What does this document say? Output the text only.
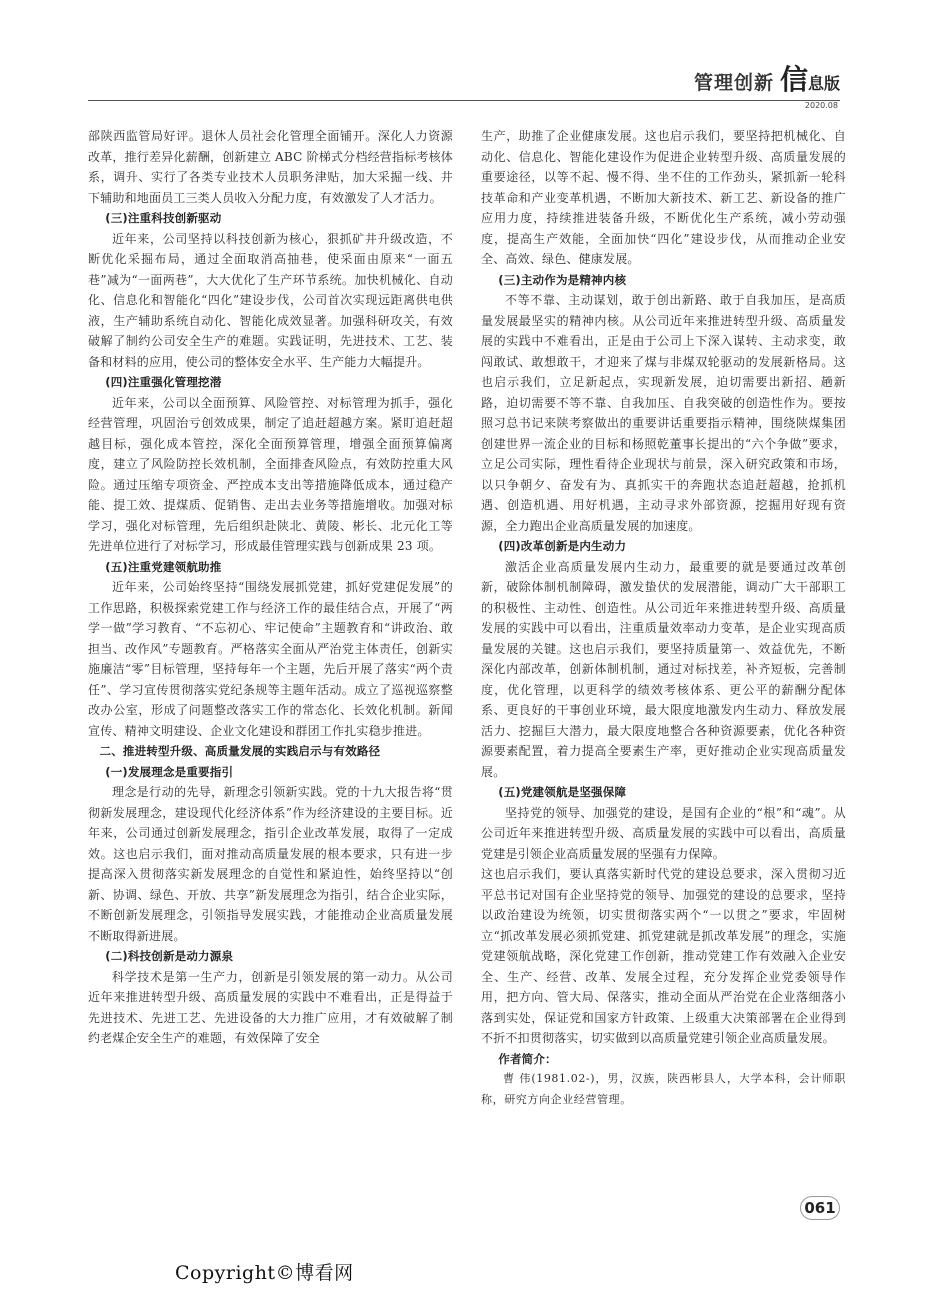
管理创新 信 息版
2020.08

部陕西监管局好评。退休人员社会化管理全面铺开。深化人力资源改革，推行差异化薪酬，创新建立 ABC 阶梯式分档经营指标考核体系，调升、实行了各类专业技术人员职务津贴，加大采掘一线、井下辅助和地面员工三类人员收入分配力度，有效激发了人才活力。

(三)注重科技创新驱动

近年来，公司坚持以科技创新为核心，狠抓矿井升级改造，不断优化采掘布局，通过全面取消高抽巷，使采面由原来“一面五巷”减为“一面两巷”，大大优化了生产环节系统。加快机械化、自动化、信息化和智能化“四化”建设步伐，公司首次实现远距离供电供液，生产辅助系统自动化、智能化成效显著。加强科研攻关，有效破解了制约公司安全生产的难题。实践证明，先进技术、工艺、装备和材料的应用，使公司的整体安全水平、生产能力大幅提升。

(四)注重强化管理挖潜

近年来，公司以全面预算、风险管控、对标管理为抓手，强化经营管理，巩固治亏创效成果，制定了追赶超越方案。紧盯追赶超越目标，强化成本管控，深化全面预算管理，增强全面预算偏离度，建立了风险防控长效机制，全面排查风险点，有效防控重大风险。通过压缩专项资金、严控成本支出等措施降低成本，通过稳产能、提工效、提煤质、促销售、走出去业务等措施增收。加强对标学习，强化对标管理，先后组织赴陕北、黄陵、彬长、北元化工等先进单位进行了对标学习，形成最佳管理实践与创新成果 23 项。

(五)注重党建领航助推

近年来，公司始终坚持“围绕发展抓党建，抓好党建促发展”的工作思路，积极探索党建工作与经济工作的最佳结合点，开展了“两学一做”学习教育、“不忘初心、牢记使命”主题教育和“讲政治、敢担当、改作风”专题教育。严格落实全面从严治党主体责任，创新实施廉洁“零”目标管理，坚持每年一个主题，先后开展了落实“两个责任”、学习宣传贯彻落实党纪条规等主题年活动。成立了巡视巡察整改办公室，形成了问题整改落实工作的常态化、长效化机制。新闻宣传、精神文明建设、企业文化建设和群团工作扎实稳步推进。

二、推进转型升级、高质量发展的实践启示与有效路径

(一)发展理念是重要指引

理念是行动的先导，新理念引领新实践。党的十九大报告将“贯彻新发展理念，建设现代化经济体系”作为经济建设的主要目标。近年来，公司通过创新发展理念，指引企业改革发展，取得了一定成效。这也启示我们，面对推动高质量发展的根本要求，只有进一步提高深入贯彻落实新发展理念的自觉性和紧迫性，始终坚持以“创新、协调、绿色、开放、共享”新发展理念为指引，结合企业实际，不断创新发展理念，引领指导发展实践，才能推动企业高质量发展不断取得新进展。

(二)科技创新是动力源泉

科学技术是第一生产力，创新是引领发展的第一动力。从公司近年来推进转型升级、高质量发展的实践中不难看出，正是得益于先进技术、先进工艺、先进设备的大力推广应用，才有效破解了制约老煤企安全生产的难题，有效保障了安全

生产，助推了企业健康发展。这也启示我们，要坚持把机械化、自动化、信息化、智能化建设作为促进企业转型升级、高质量发展的重要途径，以等不起、慢不得、坐不住的工作劲头，紧抓新一轮科技革命和产业变革机遇，不断加大新技术、新工艺、新设备的推广应用力度，持续推进装备升级，不断优化生产系统，减小劳动强度，提高生产效能，全面加快“四化”建设步伐，从而推动企业安全、高效、绿色、健康发展。

(三)主动作为是精神内核

不等不靠、主动谋划，敢于创出新路、敢于自我加压，是高质量发展最坚实的精神内核。从公司近年来推进转型升级、高质量发展的实践中不难看出，正是由于公司上下深入谋转、主动求变，敢闯敢试、敢想敢干，才迎来了煤与非煤双轮驱动的发展新格局。这也启示我们，立足新起点，实现新发展，迫切需要出新招、趟新路，迫切需要不等不靠、自我加压、自我突破的创造性作为。要按照习总书记来陕考察做出的重要讲话重要指示精神，围绕陕煤集团创建世界一流企业的目标和杨照乾董事长提出的“六个争做”要求，立足公司实际，理性看待企业现状与前景，深入研究政策和市场，以只争朝夕、奋发有为、真抓实干的奔跑状态追赶超越，抢抓机遇、创造机遇、用好机遇，主动寻求外部资源，挖掘用好现有资源，全力跑出企业高质量发展的加速度。

(四)改革创新是内生动力

激活企业高质量发展内生动力，最重要的就是要通过改革创新，破除体制机制障碍，激发蛰伏的发展潜能，调动广大干部职工的积极性、主动性、创造性。从公司近年来推进转型升级、高质量发展的实践中可以看出，注重质量效率动力变革，是企业实现高质量发展的关键。这也启示我们，要坚持质量第一、效益优先，不断深化内部改革，创新体制机制，通过对标找差，补齐短板，完善制度，优化管理，以更科学的绩效考核体系、更公平的薪酬分配体系、更良好的干事创业环境，最大限度地激发内生动力、释放发展活力、挖掘巨大潜力，最大限度地整合各种资源要素，优化各种资源要素配置，着力提高全要素生产率，更好推动企业实现高质量发展。

(五)党建领航是坚强保障

坚持党的领导、加强党的建设，是国有企业的“根”和“魂”。从公司近年来推进转型升级、高质量发展的实践中可以看出，高质量党建是引领企业高质量发展的坚强有力保障。

这也启示我们，要认真落实新时代党的建设总要求，深入贯彻习近平总书记对国有企业坚持党的领导、加强党的建设的总要求，坚持以政治建设为统领，切实贯彻落实两个“一以贯之”要求，牢固树立“抓改革发展必须抓党建、抓党建就是抓改革发展”的理念，实施党建领航战略，深化党建工作创新，推动党建工作有效融入企业安全、生产、经营、改革、发展全过程，充分发挥企业党委领导作用，把方向、管大局、保落实，推动全面从严治党在企业落细落小落到实处，保证党和国家方针政策、上级重大决策部署在企业得到不折不扣贯彻落实，切实做到以高质量党建引领企业高质量发展。

作者简介：

曹 伟(1981.02-)，男，汉族，陕西彬县人，大学本科，会计师职称，研究方向企业经营管理。

061
Copyright©博看网
